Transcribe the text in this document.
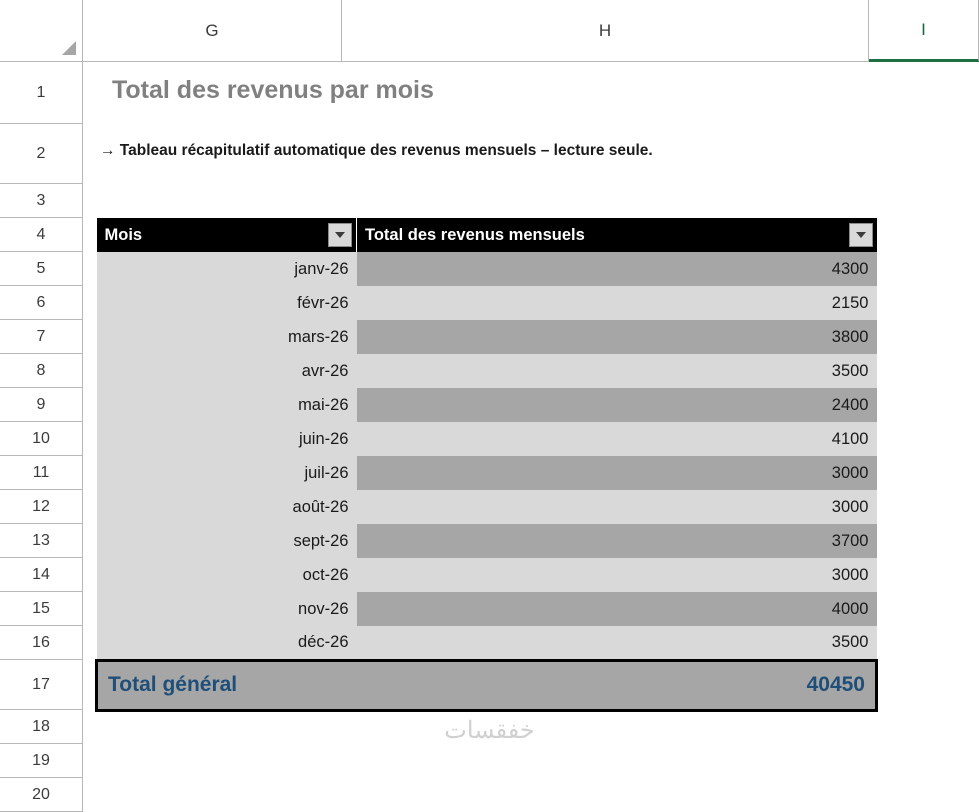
G	H	I
1
2
3
4
5
6
7
8
9
10
11
12
13
14
15
16
17
18
19
20
Total des revenus par mois
→ Tableau récapitulatif automatique des revenus mensuels – lecture seule.
Mois	Total des revenus mensuels

janv-26	4300
févr-26	2150
mars-26	3800
avr-26	3500
mai-26	2400
juin-26	4100
juil-26	3000
août-26	3000
sept-26	3700
oct-26	3000
nov-26	4000
déc-26	3500
Total général	40450
خفقسات
